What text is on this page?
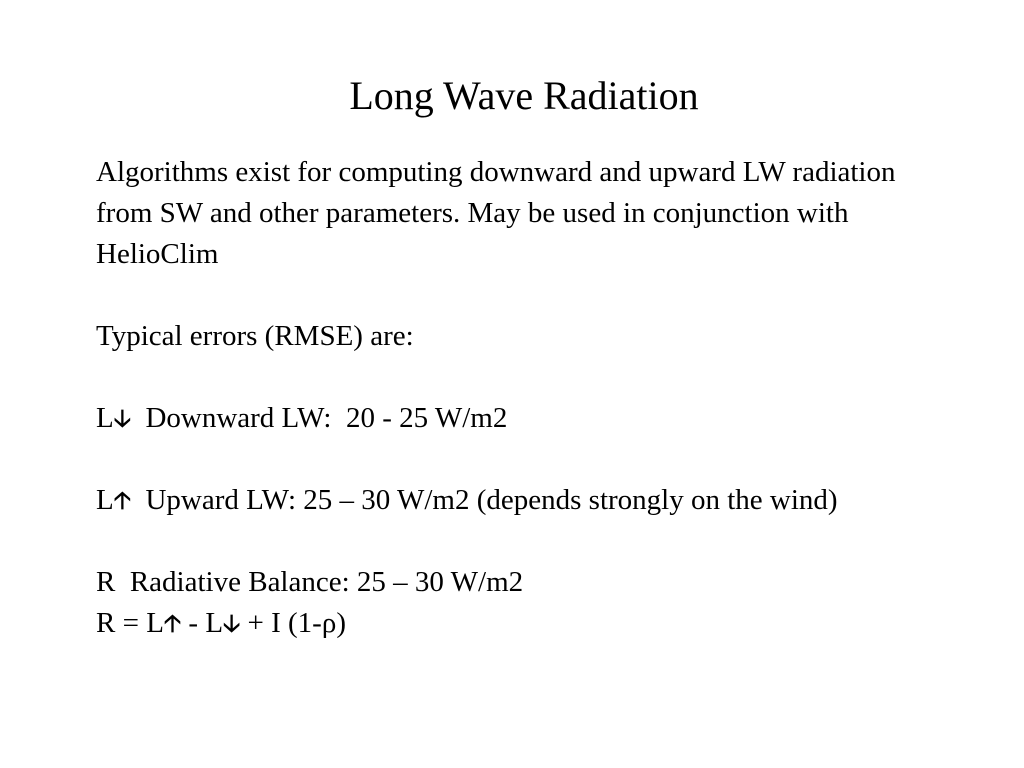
Long Wave Radiation

Algorithms exist for computing downward and upward LW radiation from SW and other parameters. May be used in conjunction with HelioClim

Typical errors (RMSE) are:

L🡣  Downward LW:  20 - 25 W/m2

L🡡  Upward LW: 25 – 30 W/m2 (depends strongly on the wind)

R  Radiative Balance: 25 – 30 W/m2

R = L🡡 - L🡣 + I (1-ρ)
